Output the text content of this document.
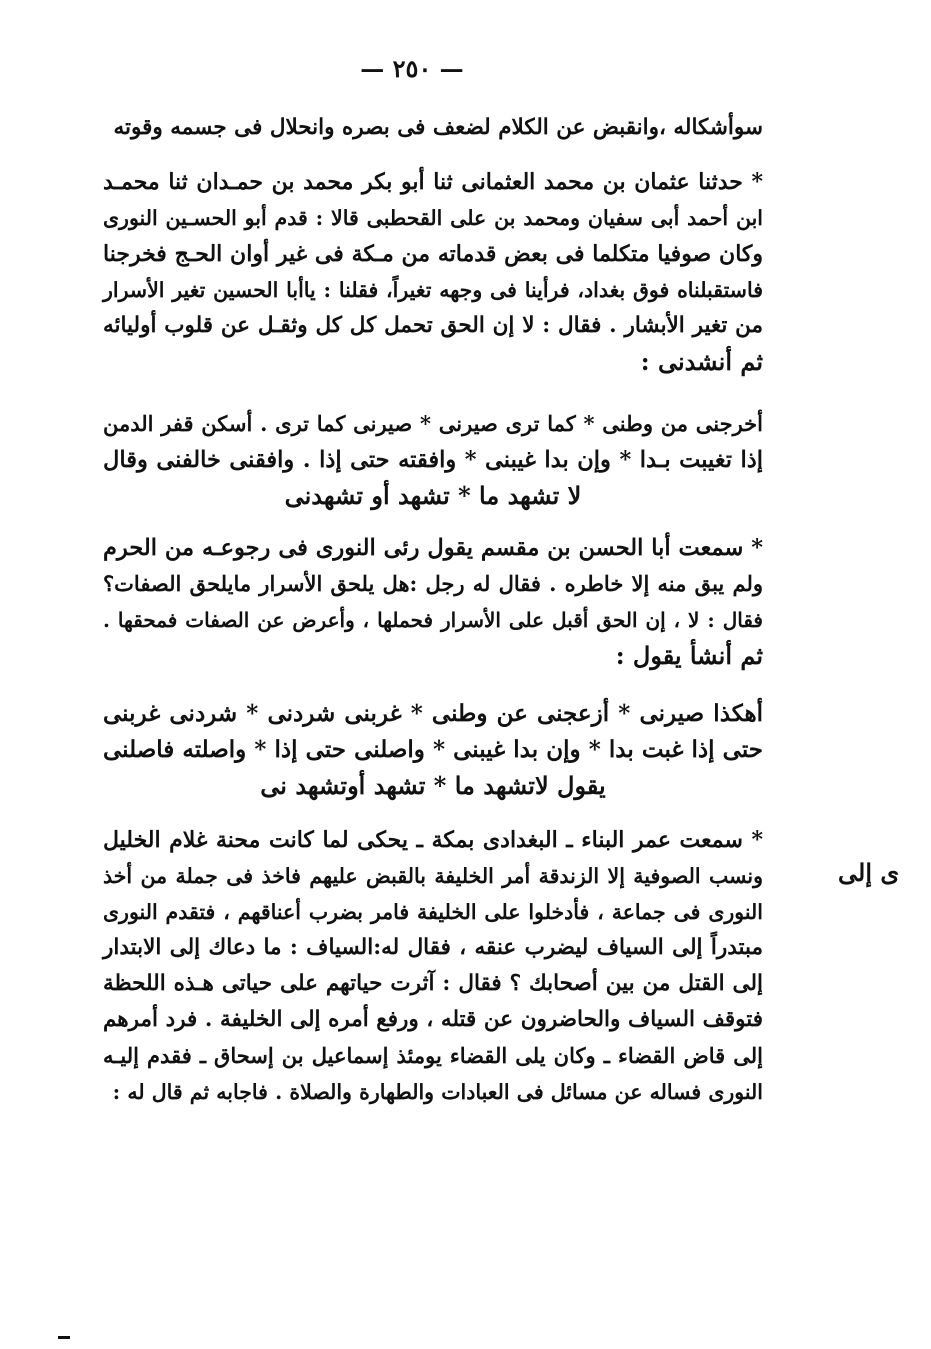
— ٢٥٠ —
سوأشكاله ،وانقبض عن الكلام لضعف فى بصره وانحلال فى جسمه وقوته
* حدثنا عثمان بن محمد العثمانى ثنا أبو بكر محمد بن حمـدان ثنا محمـد
ابن أحمد أبى سفيان ومحمد بن على القحطبى قالا : قدم أبو الحسـين النورى
وكان صوفيا متكلما فى بعض قدماته من مـكة فى غير أوان الحـج فخرجنا
فاستقبلناه فوق بغداد، فرأينا فى وجهه تغيراً، فقلنا : ياأبا الحسين تغير الأسرار
من تغير الأبشار . فقال : لا إن الحق تحمل كل كل وثقـل عن قلوب أوليائه
ثم أنشدنى :
أخرجنى من وطنى * كما ترى صيرنى * صيرنى كما ترى . أسكن قفر الدمن
إذا تغيبت بـدا * وإن بدا غيبنى * وافقته حتى إذا . وافقنى خالفنى وقال
لا تشهد ما * تشهد أو تشهدنى
* سمعت أبا الحسن بن مقسم يقول رئى النورى فى رجوعـه من الحرم
ولم يبق منه إلا خاطره . فقال له رجل :هل يلحق الأسرار مايلحق الصفات؟
فقال : لا ، إن الحق أقبل على الأسرار فحملها ، وأعرض عن الصفات فمحقها .
ثم أنشأ يقول :
أهكذا صيرنى * أزعجنى عن وطنى * غربنى شردنى * شردنى غربنى
حتى إذا غبت بدا * وإن بدا غيبنى * واصلنى حتى إذا * واصلته فاصلنى
يقول لاتشهد ما * تشهد أوتشهد نى
* سمعت عمر البناء ـ البغدادى بمكة ـ يحكى لما كانت محنة غلام الخليل
ونسب الصوفية إلا الزندقة أمر الخليفة بالقبض عليهم فاخذ فى جملة من أخذ
النورى فى جماعة ، فأدخلوا على الخليفة فامر بضرب أعناقهم ، فتقدم النورى
مبتدراً إلى السياف ليضرب عنقه ، فقال له:السياف : ما دعاك إلى الابتدار
إلى القتل من بين أصحابك ؟ فقال : آثرت حياتهم على حياتى هـذه اللحظة
فتوقف السياف والحاضرون عن قتله ، ورفع أمره إلى الخليفة . فرد أمرهم
إلى قاض القضاء ـ وكان يلى القضاء يومئذ إسماعيل بن إسحاق ـ فقدم إليـه
النورى فساله عن مسائل فى العبادات والطهارة والصلاة . فاجابه ثم قال له :
ى إلى
